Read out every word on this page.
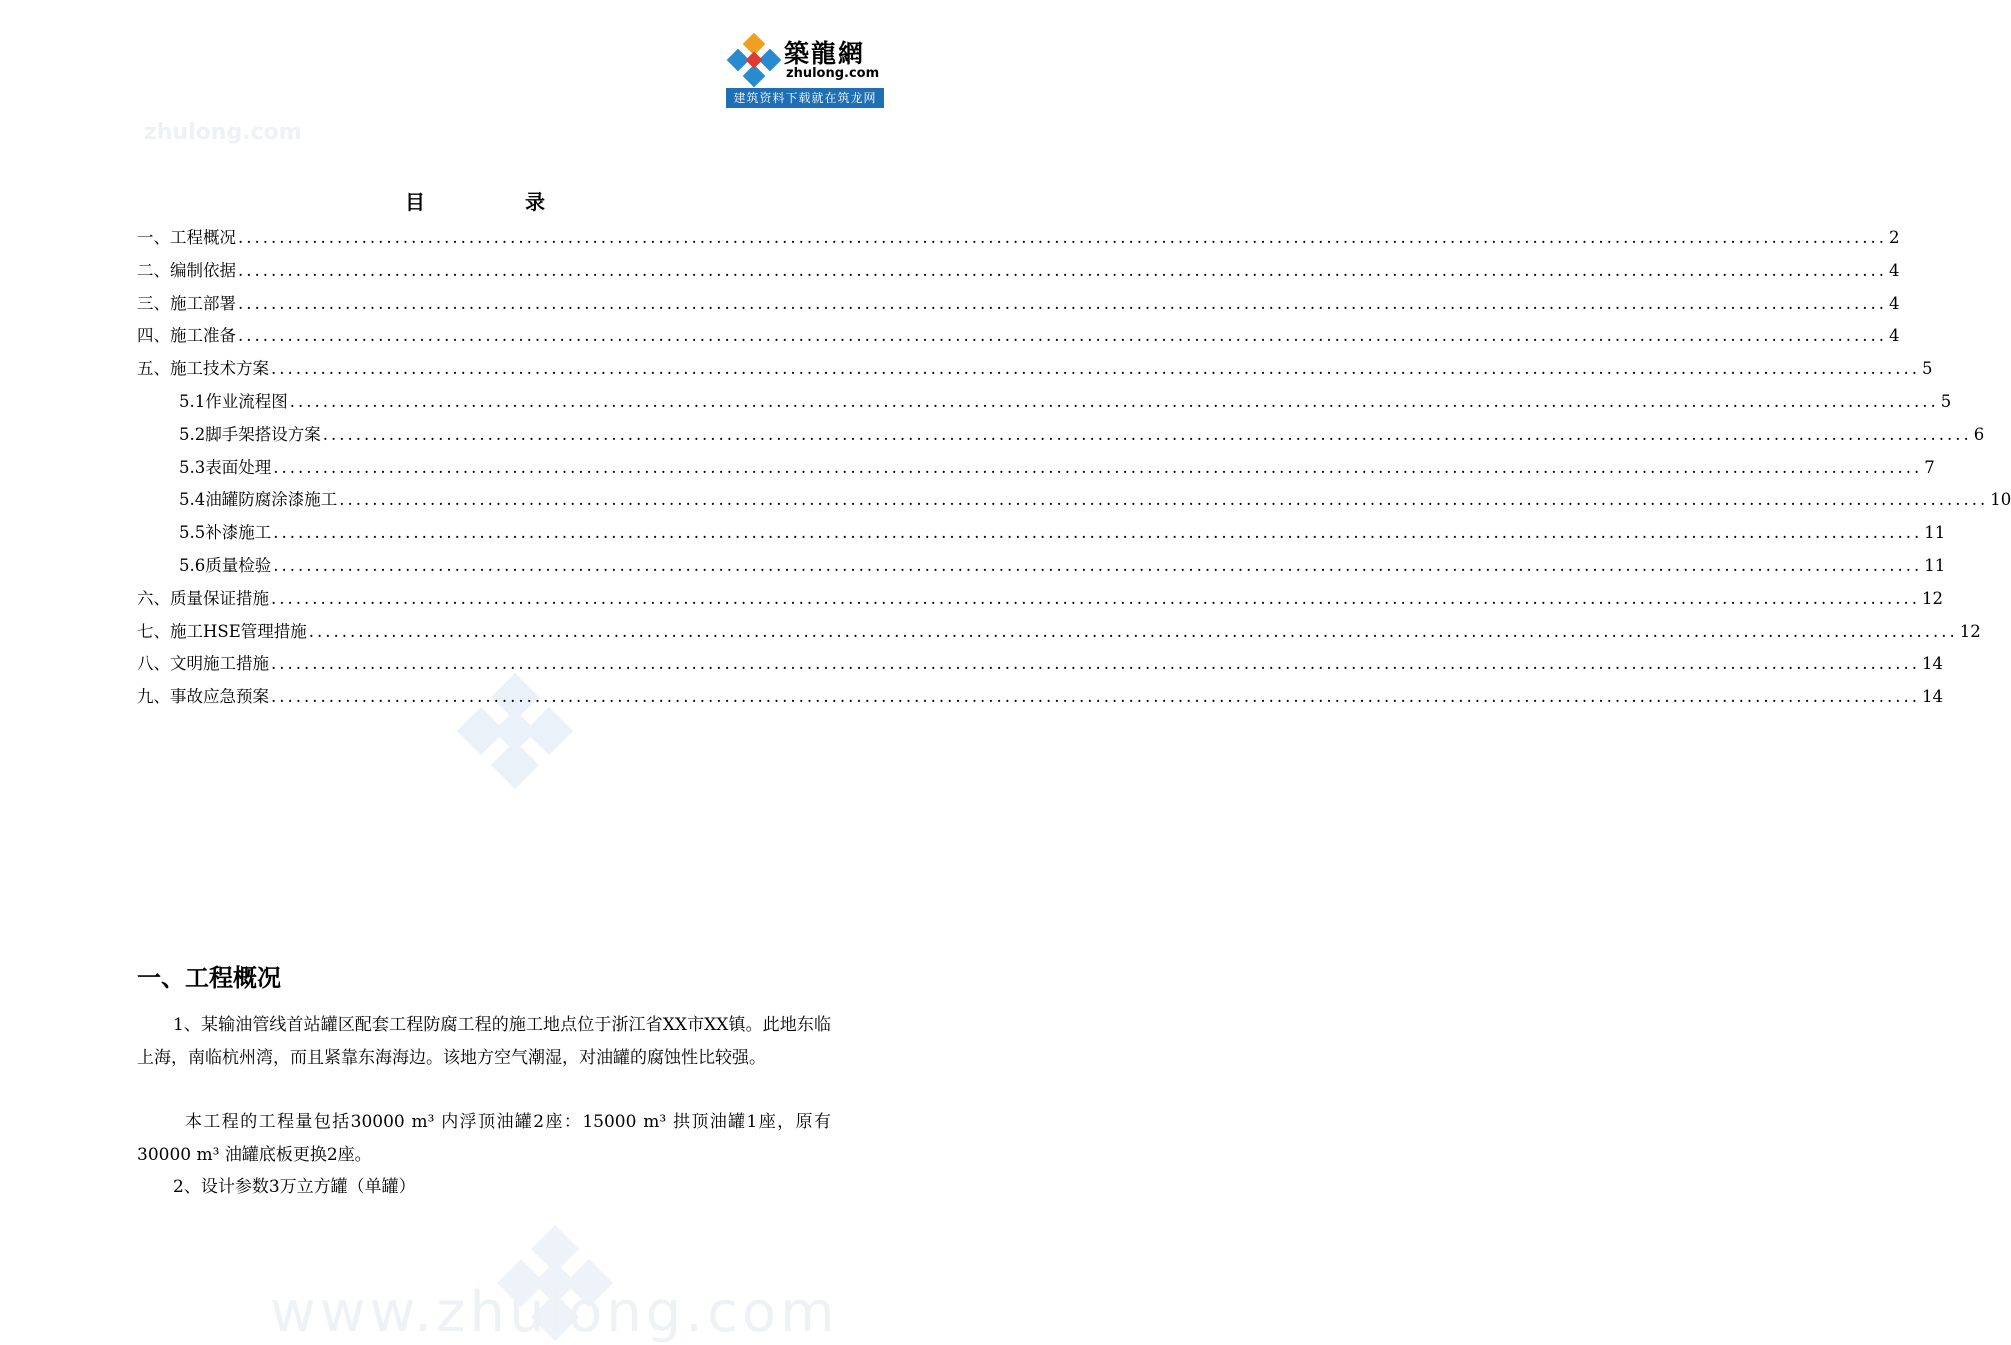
築龍網
zhulong.com
建筑资料下载就在筑龙网
zhulong.com
www.zhulong.com
目	录
一、工程概况 ........................................................................................................................................................................................................ 2
二、编制依据 ........................................................................................................................................................................................................ 4
三、施工部署 ........................................................................................................................................................................................................ 4
四、施工准备 ........................................................................................................................................................................................................ 4
五、施工技术方案 ........................................................................................................................................................................................................ 5
5.1作业流程图 ........................................................................................................................................................................................................ 5
5.2脚手架搭设方案 ........................................................................................................................................................................................................ 6
5.3表面处理 ........................................................................................................................................................................................................ 7
5.4油罐防腐涂漆施工 ........................................................................................................................................................................................................ 10
5.5补漆施工 ........................................................................................................................................................................................................ 11
5.6质量检验 ........................................................................................................................................................................................................ 11
六、质量保证措施 ........................................................................................................................................................................................................ 12
七、施工HSE管理措施 ........................................................................................................................................................................................................ 12
八、文明施工措施 ........................................................................................................................................................................................................ 14
九、事故应急预案 ........................................................................................................................................................................................................ 14
一、工程概况
1、某输油管线首站罐区配套工程防腐工程的施工地点位于浙江省XX市XX镇。此地东临上海，南临杭州湾，而且紧靠东海海边。该地方空气潮湿，对油罐的腐蚀性比较强。
本工程的工程量包括30000 m³ 内浮顶油罐2座：15000 m³ 拱顶油罐1座，原有30000 m³ 油罐底板更换2座。
2、设计参数3万立方罐（单罐）
